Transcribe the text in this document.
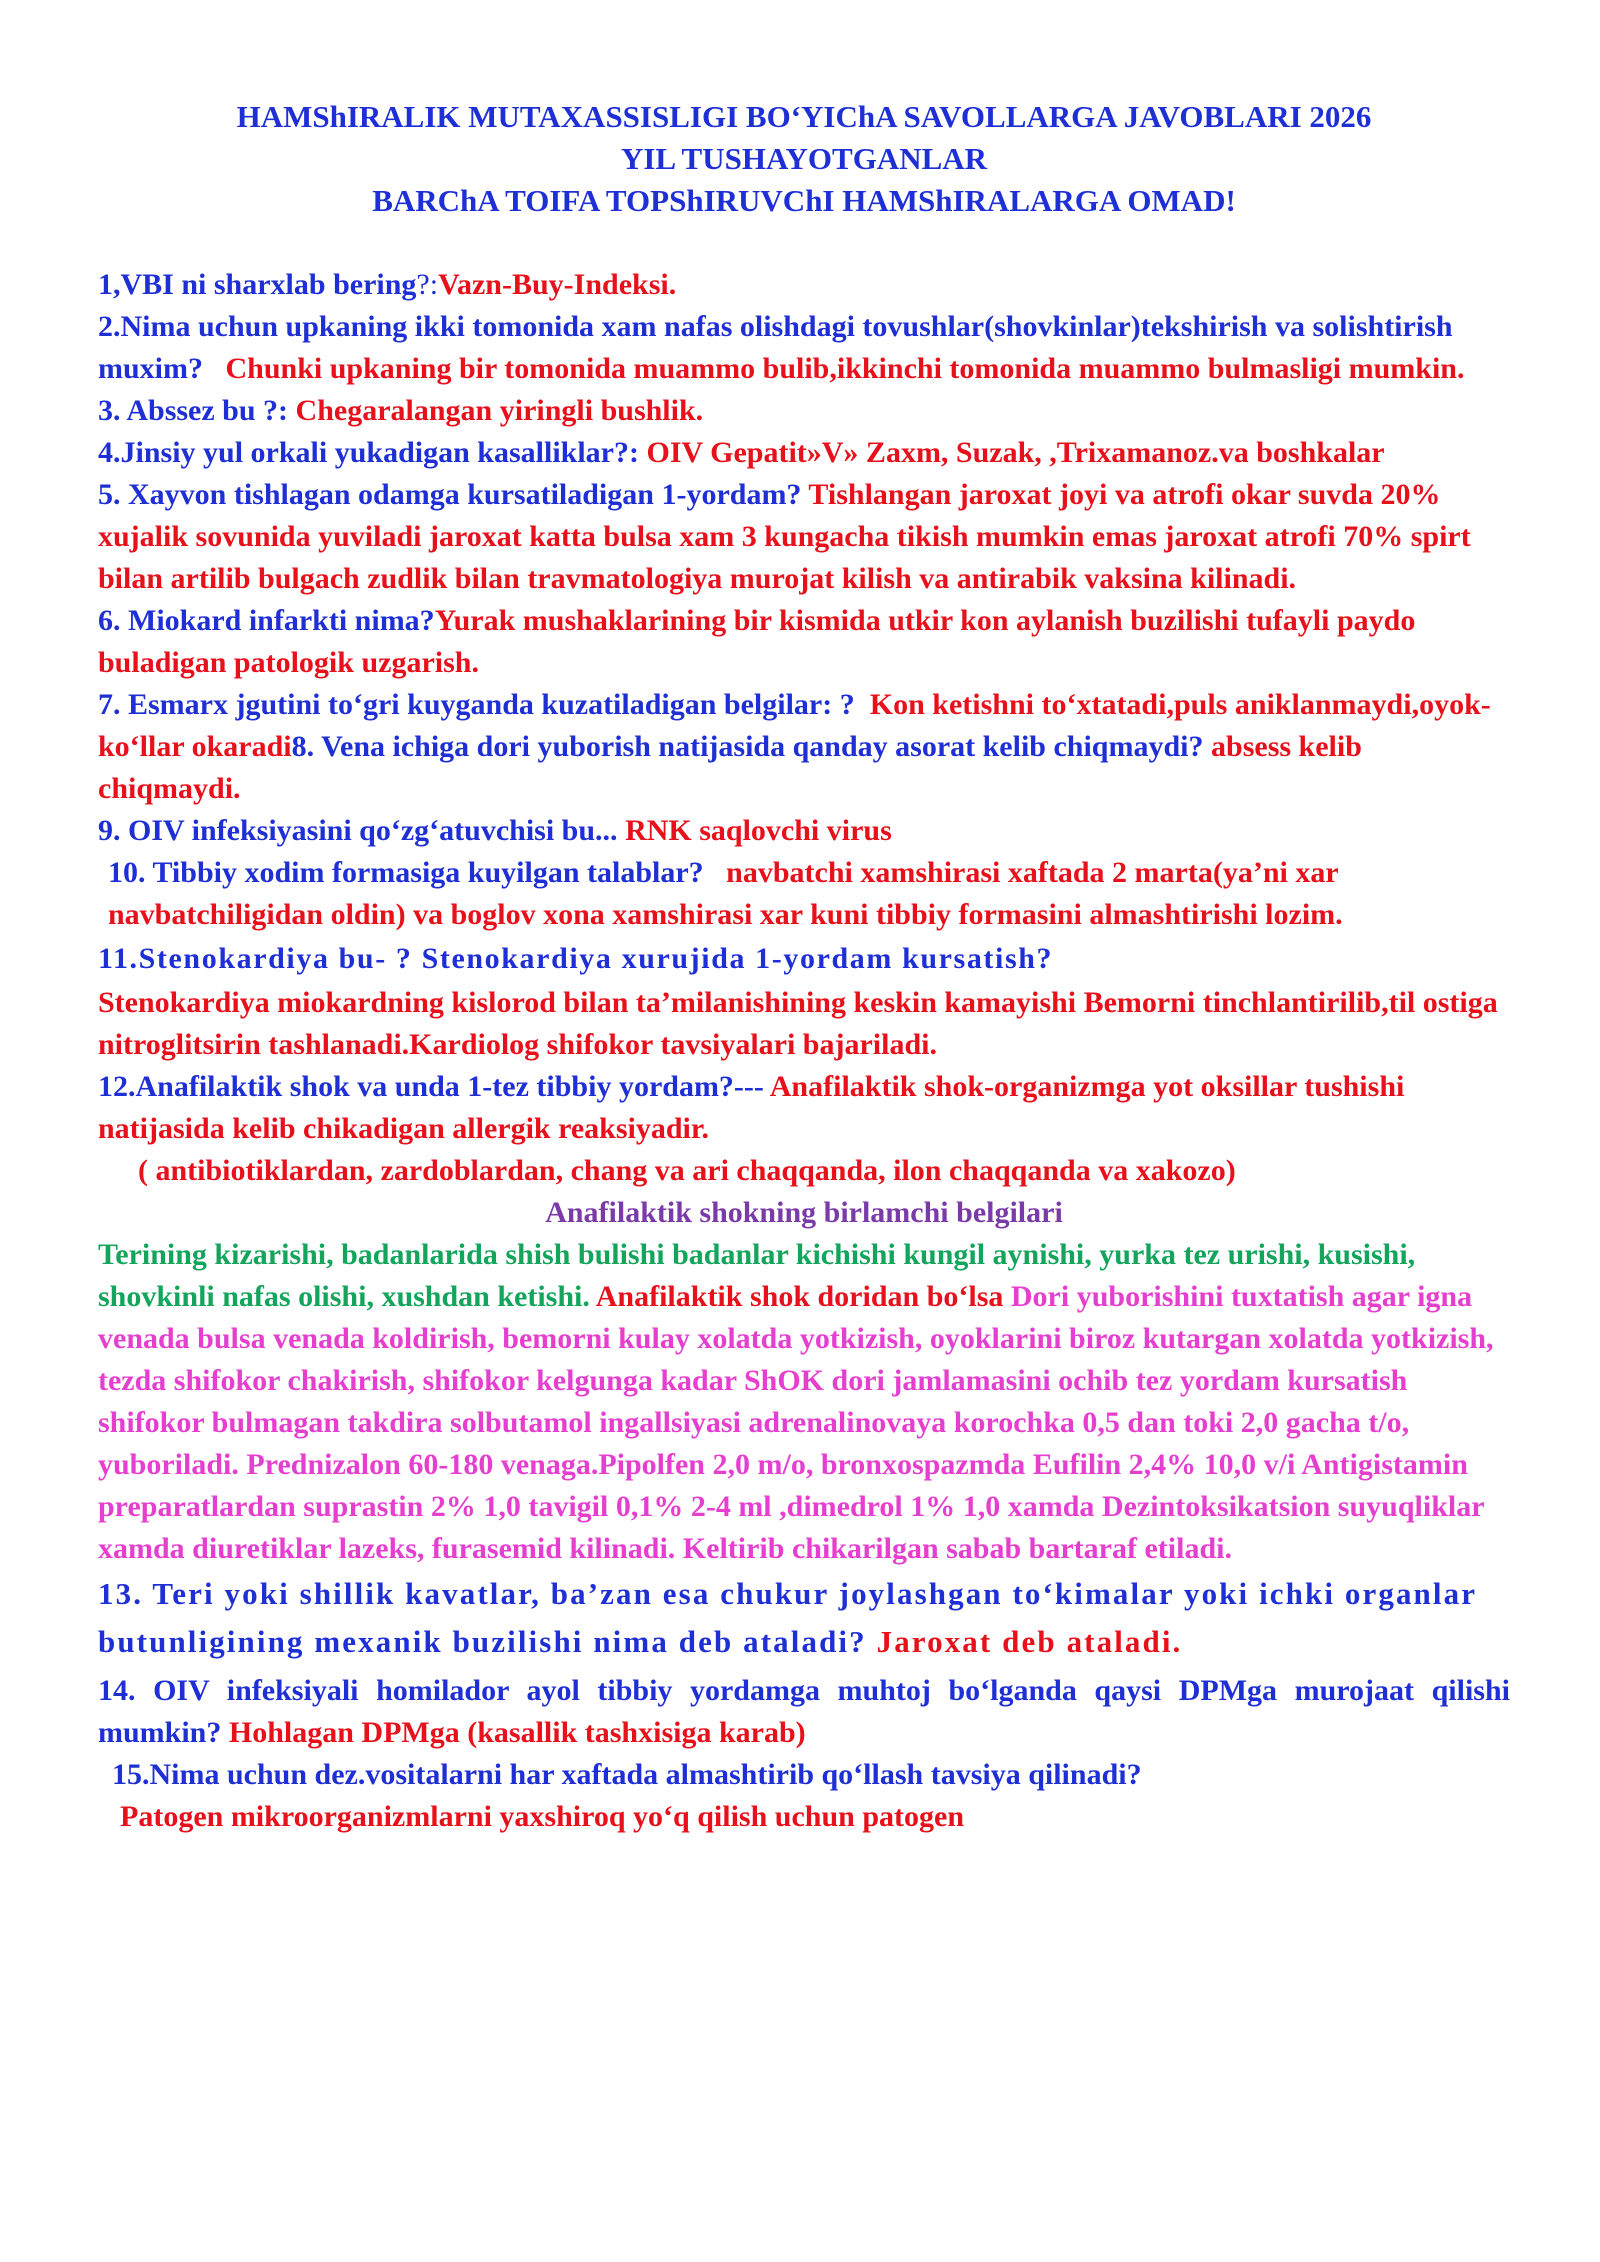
HAMShIRALIK MUTAXASSISLIGI BO‘YIChA SAVOLLARGA JAVOBLARI 2026
YIL TUSHAYOTGANLAR
BARChA TOIFA TOPShIRUVChI HAMShIRALARGA OMAD!

1,VBI ni sharxlab bering?:Vazn-Buy-Indeksi.

2.Nima uchun upkaning ikki tomonida xam nafas olishdagi tovushlar(shovkinlar)tekshirish va solishtirish muxim? Chunki upkaning bir tomonida muammo bulib,ikkinchi tomonida muammo bulmasligi mumkin.

3. Abssez bu ?: Chegaralangan yiringli bushlik.

4.Jinsiy yul orkali yukadigan kasalliklar?: OIV Gepatit»V» Zaxm, Suzak, ,Trixamanoz.va boshkalar

5. Xayvon tishlagan odamga kursatiladigan 1-yordam? Tishlangan jaroxat joyi va atrofi okar suvda 20% xujalik sovunida yuviladi jaroxat katta bulsa xam 3 kungacha tikish mumkin emas jaroxat atrofi 70% spirt bilan artilib bulgach zudlik bilan travmatologiya murojat kilish va antirabik vaksina kilinadi.

6. Miokard infarkti nima?Yurak mushaklarining bir kismida utkir kon aylanish buzilishi tufayli paydo buladigan patologik uzgarish.

7. Esmarx jgutini to‘gri kuyganda kuzatiladigan belgilar: ? Kon ketishni to‘xtatadi,puls aniklanmaydi,oyok-ko‘llar okaradi8. Vena ichiga dori yuborish natijasida qanday asorat kelib chiqmaydi? absess kelib chiqmaydi.

9. OIV infeksiyasini qo‘zg‘atuvchisi bu... RNK saqlovchi virus

10. Tibbiy xodim formasiga kuyilgan talablar? navbatchi xamshirasi xaftada 2 marta(ya’ni xar navbatchiligidan oldin) va boglov xona xamshirasi xar kuni tibbiy formasini almashtirishi lozim.

11.Stenokardiya bu- ? Stenokardiya xurujida 1-yordam kursatish?

Stenokardiya miokardning kislorod bilan ta’milanishining keskin kamayishi Bemorni tinchlantirilib,til ostiga nitroglitsirin tashlanadi.Kardiolog shifokor tavsiyalari bajariladi.

12.Anafilaktik shok va unda 1-tez tibbiy yordam?--- Anafilaktik shok-organizmga yot oksillar tushishi natijasida kelib chikadigan allergik reaksiyadir.

( antibiotiklardan, zardoblardan, chang va ari chaqqanda, ilon chaqqanda va xakozo)

Anafilaktik shokning birlamchi belgilari

Terining kizarishi, badanlarida shish bulishi badanlar kichishi kungil aynishi, yurka tez urishi, kusishi, shovkinli nafas olishi, xushdan ketishi. Anafilaktik shok doridan bo‘lsa Dori yuborishini tuxtatish agar igna venada bulsa venada koldirish, bemorni kulay xolatda yotkizish, oyoklarini biroz kutargan xolatda yotkizish, tezda shifokor chakirish, shifokor kelgunga kadar ShOK dori jamlamasini ochib tez yordam kursatish shifokor bulmagan takdira solbutamol ingallsiyasi adrenalinovaya korochka 0,5 dan toki 2,0 gacha t/o, yuboriladi. Prednizalon 60-180 venaga.Pipolfen 2,0 m/o, bronxospazmda Eufilin 2,4% 10,0 v/i Antigistamin preparatlardan suprastin 2% 1,0 tavigil 0,1% 2-4 ml ,dimedrol 1% 1,0 xamda Dezintoksikatsion suyuqliklar xamda diuretiklar lazeks, furasemid kilinadi. Keltirib chikarilgan sabab bartaraf etiladi.

13. Teri yoki shillik kavatlar, ba’zan esa chukur joylashgan to‘kimalar yoki ichki organlar butunligining mexanik buzilishi nima deb ataladi? Jaroxat deb ataladi.

14. OIV infeksiyali homilador ayol tibbiy yordamga muhtoj bo‘lganda qaysi DPMga murojaat qilishi mumkin? Hohlagan DPMga (kasallik tashxisiga karab)

15.Nima uchun dez.vositalarni har xaftada almashtirib qo‘llash tavsiya qilinadi?

Patogen mikroorganizmlarni yaxshiroq yo‘q qilish uchun patogen
